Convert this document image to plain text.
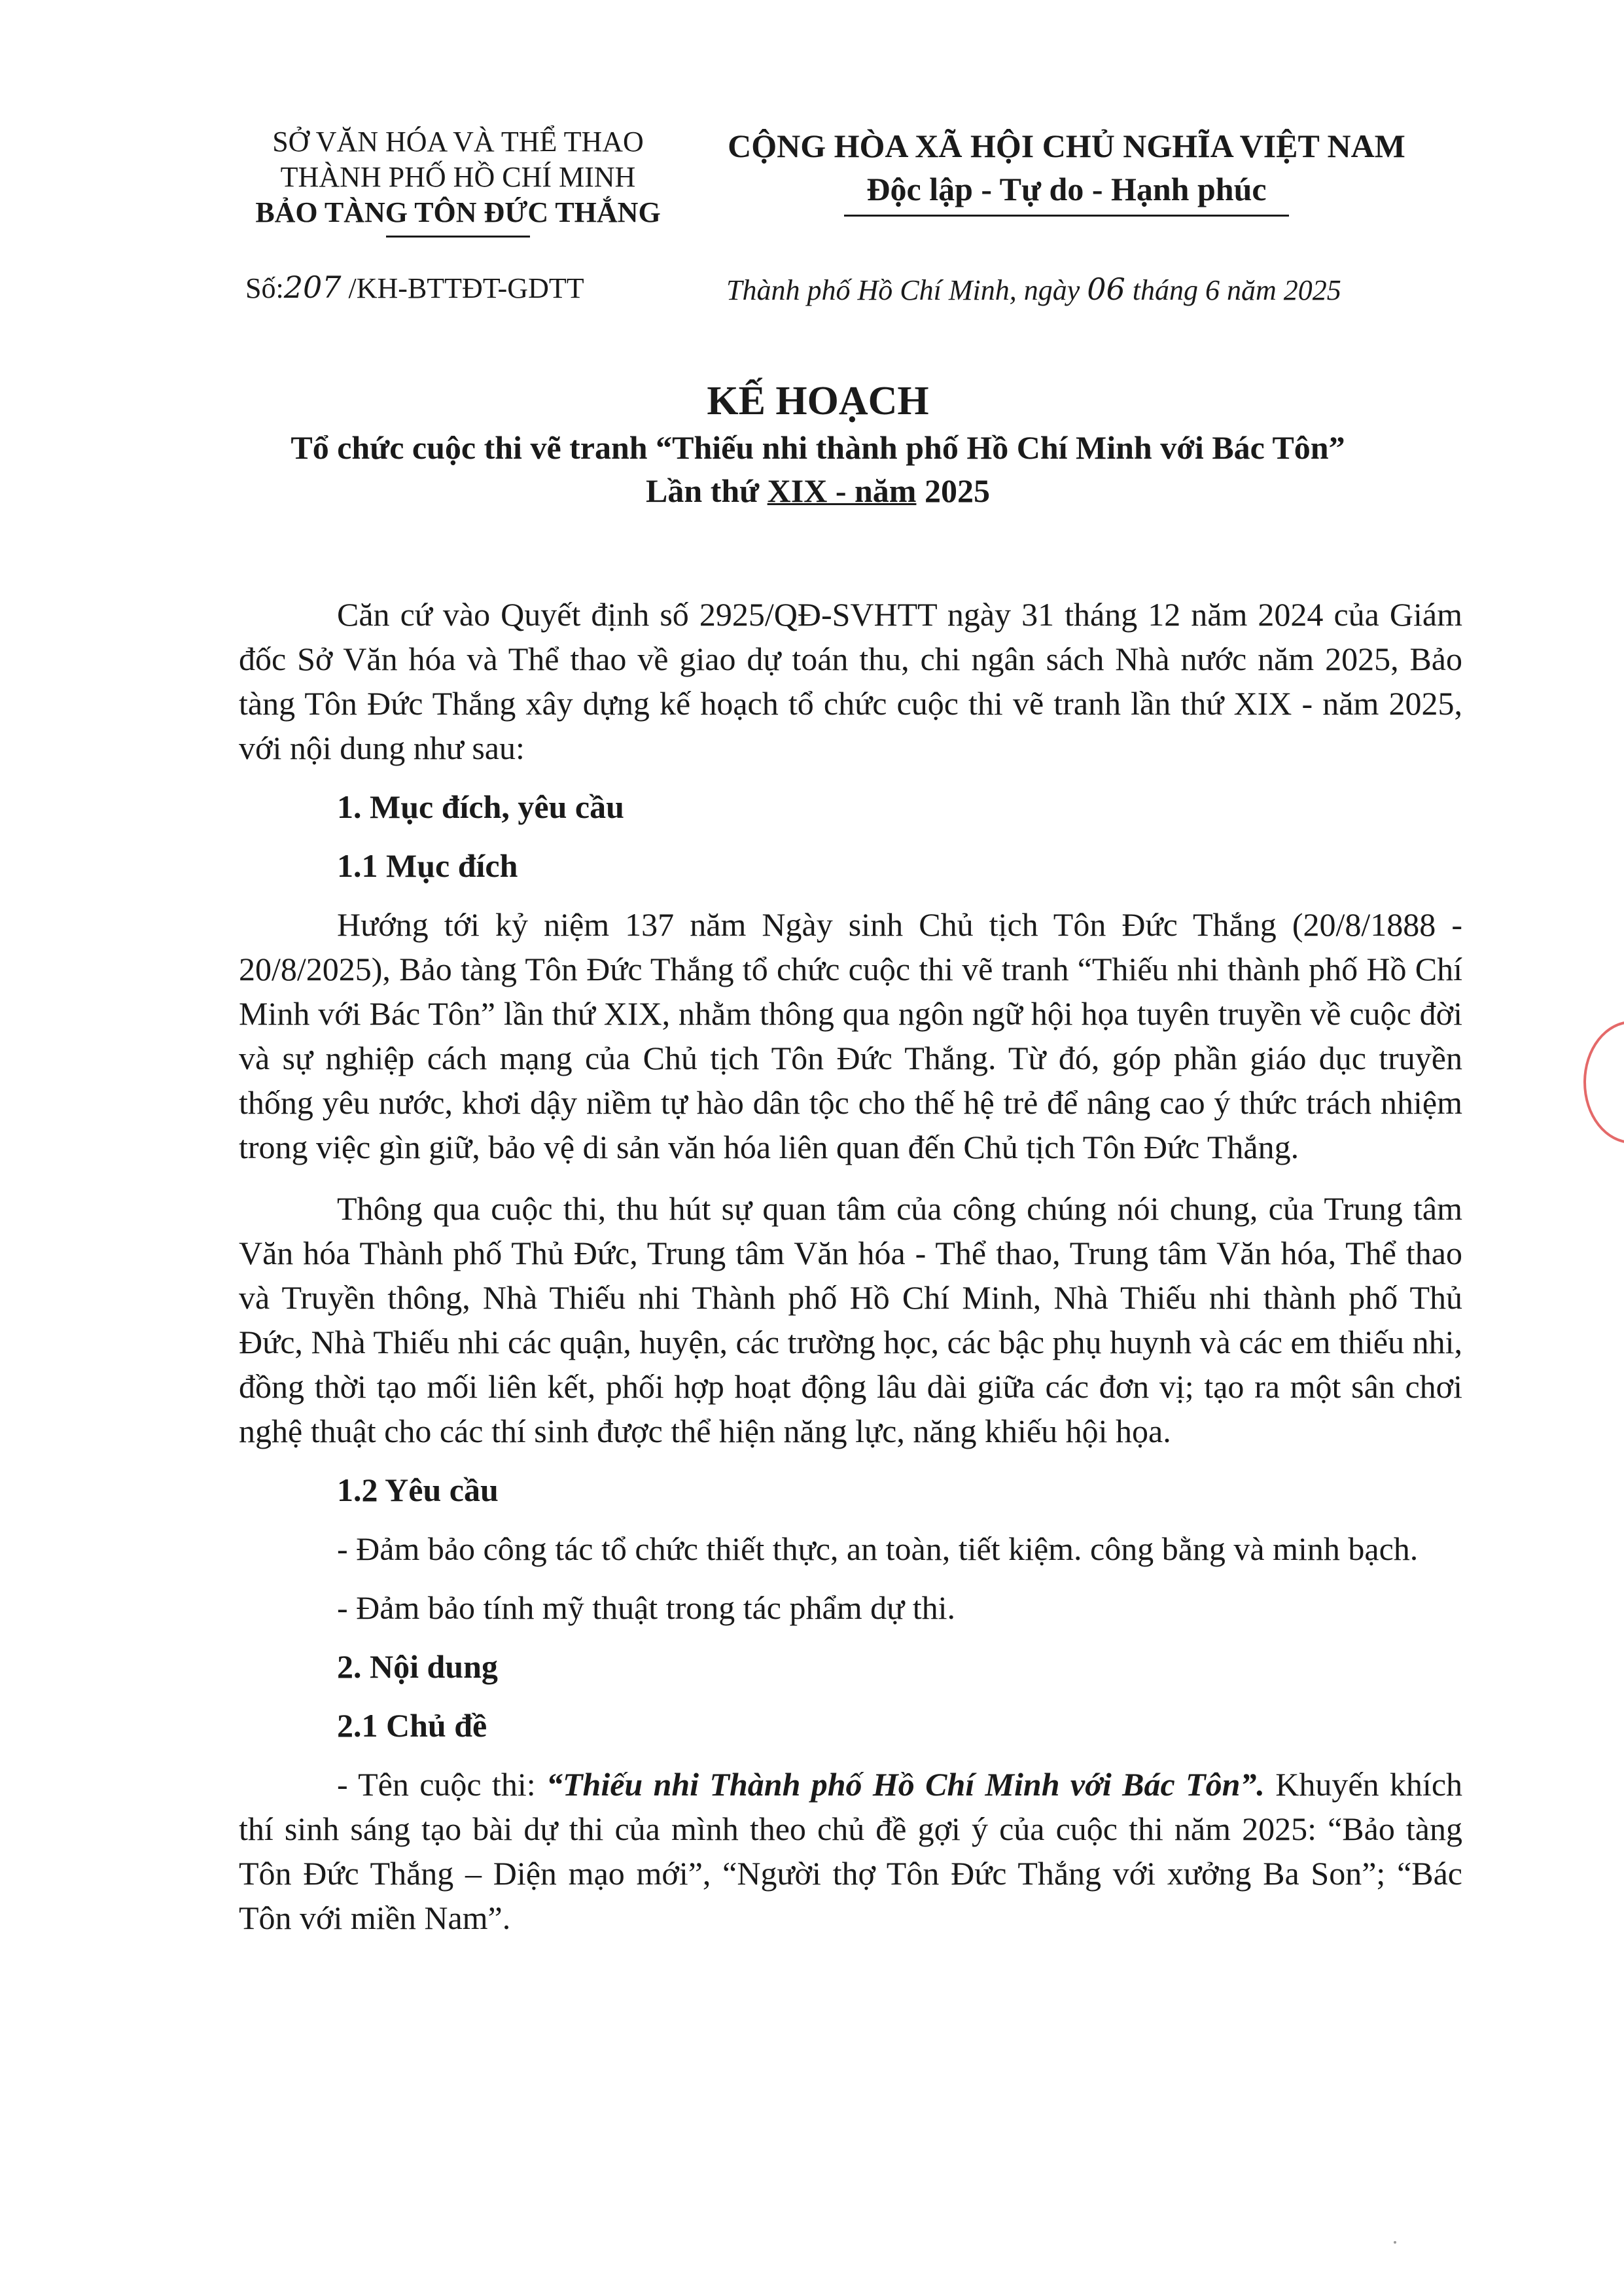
SỞ VĂN HÓA VÀ THỂ THAO
THÀNH PHỐ HỒ CHÍ MINH
BẢO TÀNG TÔN ĐỨC THẮNG
CỘNG HÒA XÃ HỘI CHỦ NGHĨA VIỆT NAM
Độc lập - Tự do - Hạnh phúc
Số:207 /KH-BTTĐT-GDTT	Thành phố Hồ Chí Minh, ngày 06 tháng 6 năm 2025
KẾ HOẠCH
Tổ chức cuộc thi vẽ tranh “Thiếu nhi thành phố Hồ Chí Minh với Bác Tôn”
Lần thứ XIX - năm 2025

Căn cứ vào Quyết định số 2925/QĐ-SVHTT ngày 31 tháng 12 năm 2024 của Giám đốc Sở Văn hóa và Thể thao về giao dự toán thu, chi ngân sách Nhà nước năm 2025, Bảo tàng Tôn Đức Thắng xây dựng kế hoạch tổ chức cuộc thi vẽ tranh lần thứ XIX - năm 2025, với nội dung như sau:

1. Mục đích, yêu cầu

1.1 Mục đích

Hướng tới kỷ niệm 137 năm Ngày sinh Chủ tịch Tôn Đức Thắng (20/8/1888 - 20/8/2025), Bảo tàng Tôn Đức Thắng tổ chức cuộc thi vẽ tranh “Thiếu nhi thành phố Hồ Chí Minh với Bác Tôn” lần thứ XIX, nhằm thông qua ngôn ngữ hội họa tuyên truyền về cuộc đời và sự nghiệp cách mạng của Chủ tịch Tôn Đức Thắng. Từ đó, góp phần giáo dục truyền thống yêu nước, khơi dậy niềm tự hào dân tộc cho thế hệ trẻ để nâng cao ý thức trách nhiệm trong việc gìn giữ, bảo vệ di sản văn hóa liên quan đến Chủ tịch Tôn Đức Thắng.

Thông qua cuộc thi, thu hút sự quan tâm của công chúng nói chung, của Trung tâm Văn hóa Thành phố Thủ Đức, Trung tâm Văn hóa - Thể thao, Trung tâm Văn hóa, Thể thao và Truyền thông, Nhà Thiếu nhi Thành phố Hồ Chí Minh, Nhà Thiếu nhi thành phố Thủ Đức, Nhà Thiếu nhi các quận, huyện, các trường học, các bậc phụ huynh và các em thiếu nhi, đồng thời tạo mối liên kết, phối hợp hoạt động lâu dài giữa các đơn vị; tạo ra một sân chơi nghệ thuật cho các thí sinh được thể hiện năng lực, năng khiếu hội họa.

1.2 Yêu cầu

- Đảm bảo công tác tổ chức thiết thực, an toàn, tiết kiệm. công bằng và minh bạch.

- Đảm bảo tính mỹ thuật trong tác phẩm dự thi.

2. Nội dung

2.1 Chủ đề

- Tên cuộc thi: “Thiếu nhi Thành phố Hồ Chí Minh với Bác Tôn”. Khuyến khích thí sinh sáng tạo bài dự thi của mình theo chủ đề gợi ý của cuộc thi năm 2025: “Bảo tàng Tôn Đức Thắng – Diện mạo mới”, “Người thợ Tôn Đức Thắng với xưởng Ba Son”; “Bác Tôn với miền Nam”.
